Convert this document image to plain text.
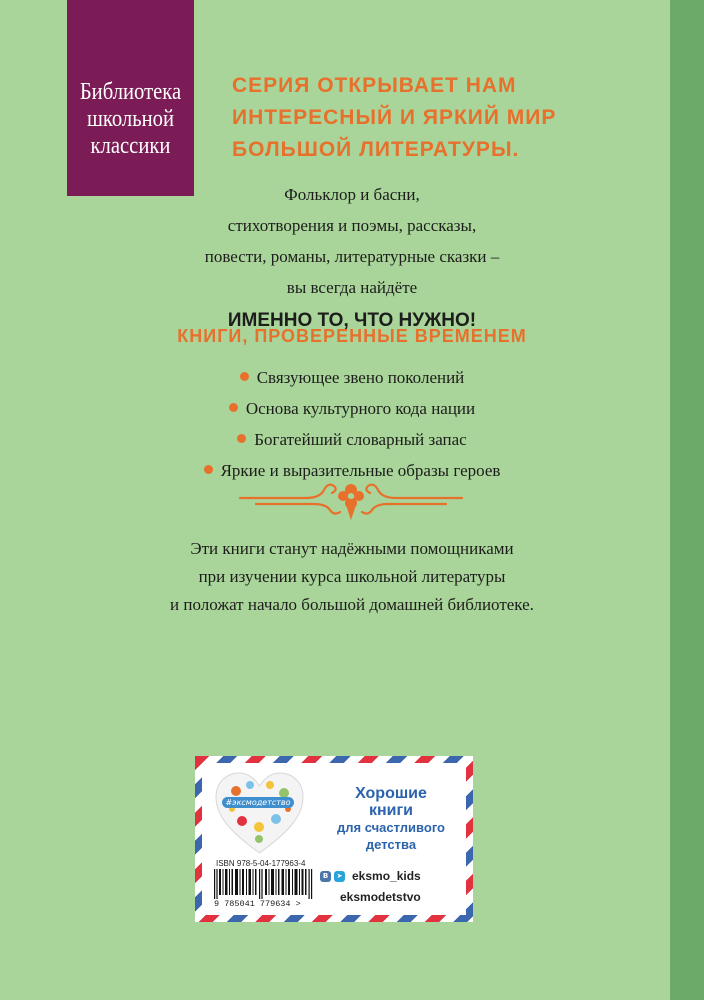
Библиотека
школьной
классики
СЕРИЯ ОТКРЫВАЕТ НАМ
ИНТЕРЕСНЫЙ И ЯРКИЙ МИР
БОЛЬШОЙ ЛИТЕРАТУРЫ.
Фольклор и басни,
стихотворения и поэмы, рассказы,
повести, романы, литературные сказки –
вы всегда найдёте
ИМЕННО ТО, ЧТО НУЖНО!
КНИГИ, ПРОВЕРЕННЫЕ ВРЕМЕНЕМ
Связующее звено поколений
Основа культурного кода нации
Богатейший словарный запас
Яркие и выразительные образы героев
Эти книги станут надёжными помощниками
при изучении курса школьной литературы
и положат начало большой домашней библиотеке.
#эксмодетство
Хорошие
книги
для счастливого
детства
ISBN 978-5-04-177963-4
9 785041 779634 >
В	➤ eksmo_kids
eksmodetstvo
